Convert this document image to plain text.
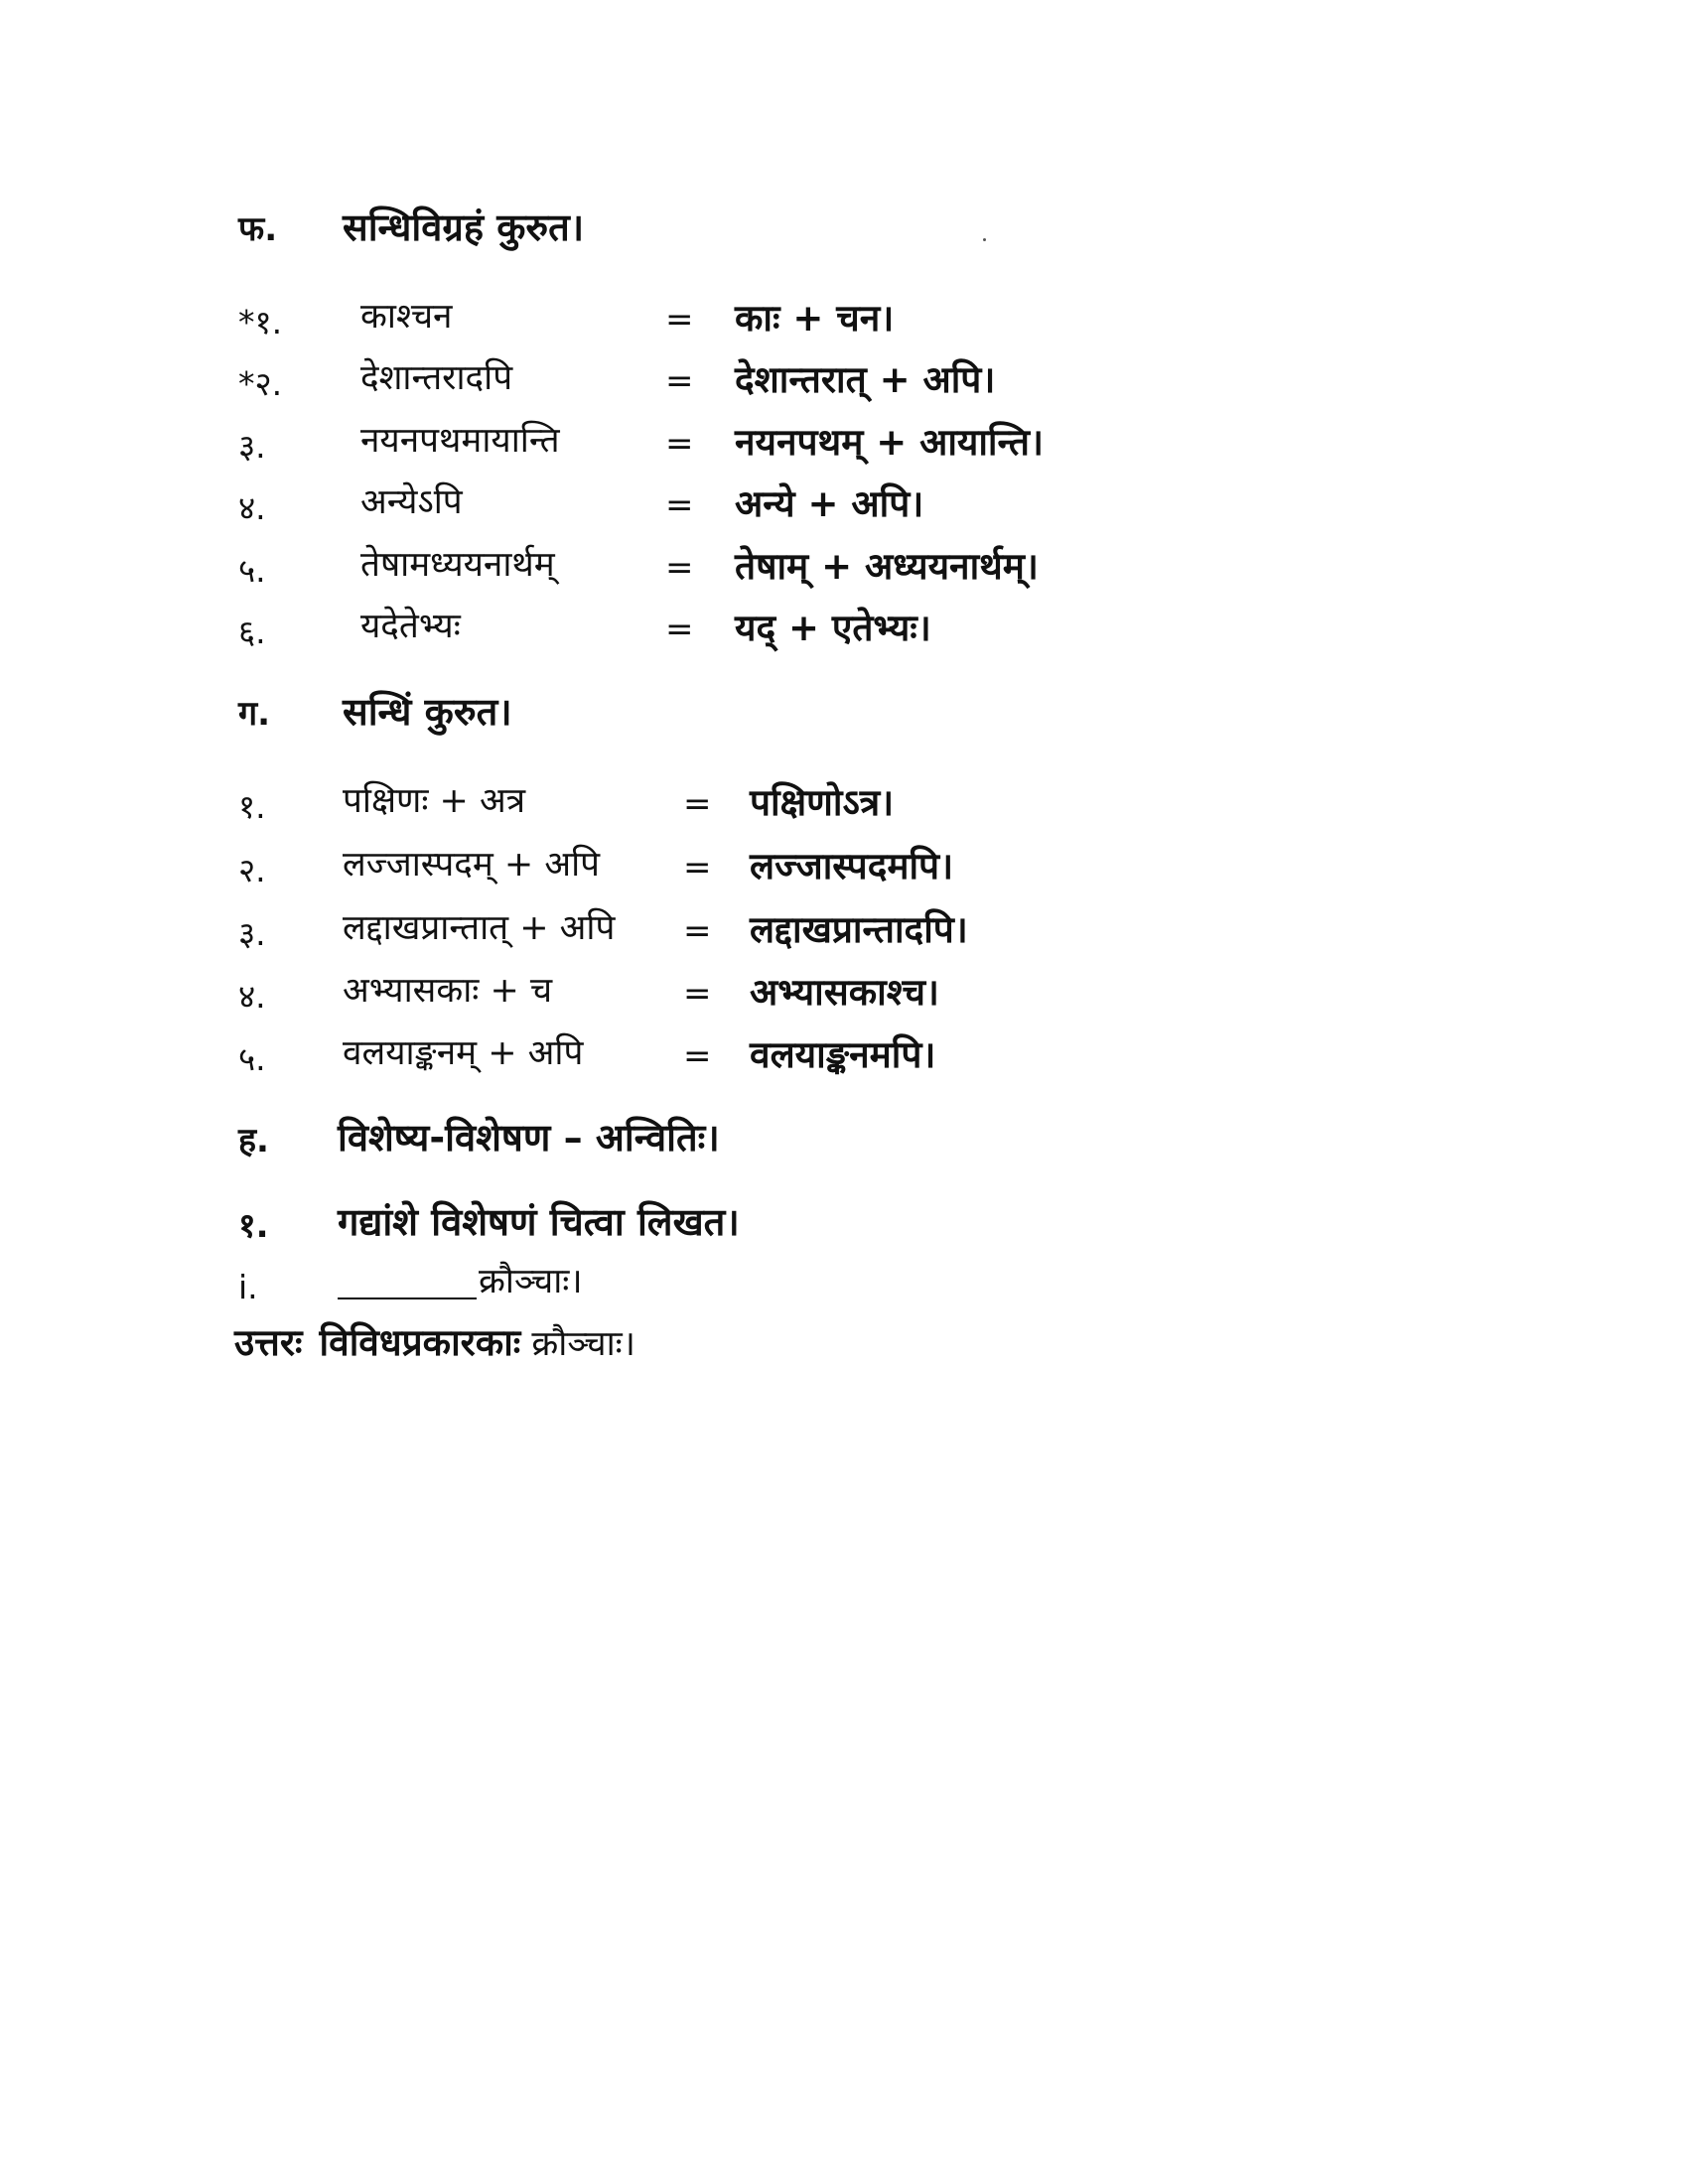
फ. सन्धिविग्रहं कुरुत।
*१. काश्चन	= काः + चन।
*२. देशान्तरादपि	= देशान्तरात् + अपि।
३.	नयनपथमायान्ति	= नयनपथम् + आयान्ति।
४.	अन्येऽपि	= अन्ये + अपि।
५.	तेषामध्ययनार्थम्	= तेषाम् + अध्ययनार्थम्।
६.	यदेतेभ्यः	= यद् + एतेभ्यः।
ग. सन्धिं कुरुत।
१. पक्षिणः + अत्र	= पक्षिणोऽत्र।
२. लज्जास्पदम् + अपि = लज्जास्पदमपि।
३. लद्दाखप्रान्तात् + अपि = लद्दाखप्रान्तादपि।
४. अभ्यासकाः + च	= अभ्यासकाश्च।
५. वलयाङ्कनम् + अपि	= वलयाङ्कनमपि।
ह. विशेष्य-विशेषण – अन्वितिः।
१. गद्यांशे विशेषणं चित्वा लिखत।
i.	क्रौञ्चाः।
उत्तरः विविधप्रकारकाः क्रौञ्चाः।
